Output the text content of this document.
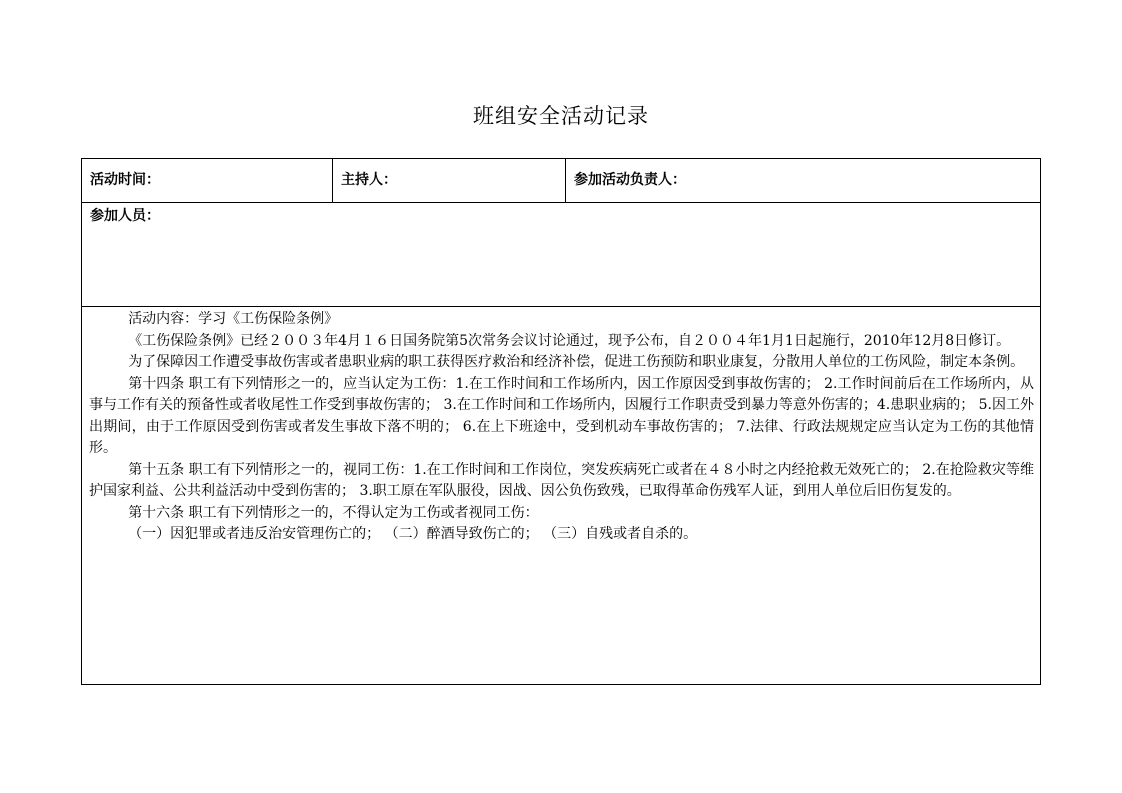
班组安全活动记录
活动时间：	主持人：	参加活动负责人：
参加人员：

活动内容：学习《工伤保险条例》

《工伤保险条例》已经２００３年4月１６日国务院第5次常务会议讨论通过，现予公布，自２００４年1月1日起施行，2010年12月8日修订。

为了保障因工作遭受事故伤害或者患职业病的职工获得医疗救治和经济补偿，促进工伤预防和职业康复，分散用人单位的工伤风险，制定本条例。

第十四条 职工有下列情形之一的，应当认定为工伤：1.在工作时间和工作场所内，因工作原因受到事故伤害的； 2.工作时间前后在工作场所内，从事与工作有关的预备性或者收尾性工作受到事故伤害的； 3.在工作时间和工作场所内，因履行工作职责受到暴力等意外伤害的；4.患职业病的； 5.因工外出期间，由于工作原因受到伤害或者发生事故下落不明的； 6.在上下班途中，受到机动车事故伤害的； 7.法律、行政法规规定应当认定为工伤的其他情形。

第十五条 职工有下列情形之一的，视同工伤：1.在工作时间和工作岗位，突发疾病死亡或者在４８小时之内经抢救无效死亡的； 2.在抢险救灾等维护国家利益、公共利益活动中受到伤害的； 3.职工原在军队服役，因战、因公负伤致残，已取得革命伤残军人证，到用人单位后旧伤复发的。

第十六条 职工有下列情形之一的，不得认定为工伤或者视同工伤：

（一）因犯罪或者违反治安管理伤亡的； （二）醉酒导致伤亡的； （三）自残或者自杀的。
